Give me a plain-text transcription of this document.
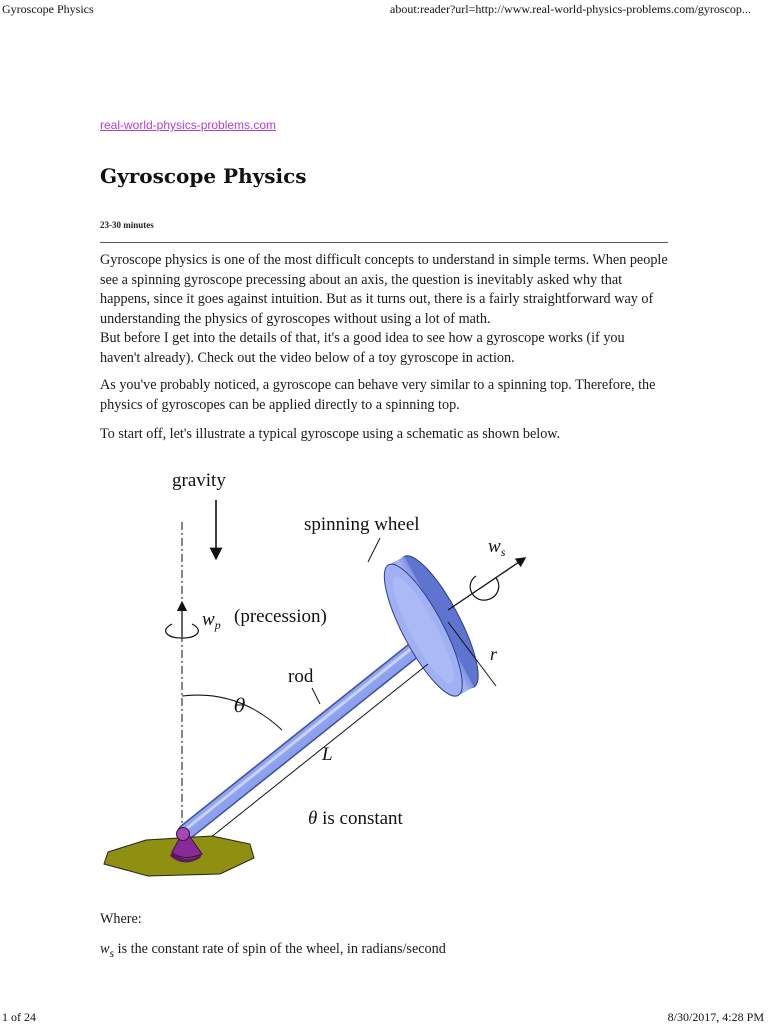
Gyroscope Physics	about:reader?url=http://www.real-world-physics-problems.com/gyroscop...
real-world-physics-problems.com
Gyroscope Physics
23-30 minutes

Gyroscope physics is one of the most difficult concepts to understand in simple terms. When people see a spinning gyroscope precessing about an axis, the question is inevitably asked why that happens, since it goes against intuition. But as it turns out, there is a fairly straightforward way of understanding the physics of gyroscopes without using a lot of math.
But before I get into the details of that, it's a good idea to see how a gyroscope works (if you haven't already). Check out the video below of a toy gyroscope in action.

As you've probably noticed, a gyroscope can behave very similar to a spinning top. Therefore, the physics of gyroscopes can be applied directly to a spinning top.

To start off, let's illustrate a typical gyroscope using a schematic as shown below.

Where:

$w_s$ is the constant rate of spin of the wheel, in radians/second

gravity
$w_p$ (precession)
spinning wheel
r
$w_s$
rod
θ
L
θ is constant
1 of 24	8/30/2017, 4:28 PM
